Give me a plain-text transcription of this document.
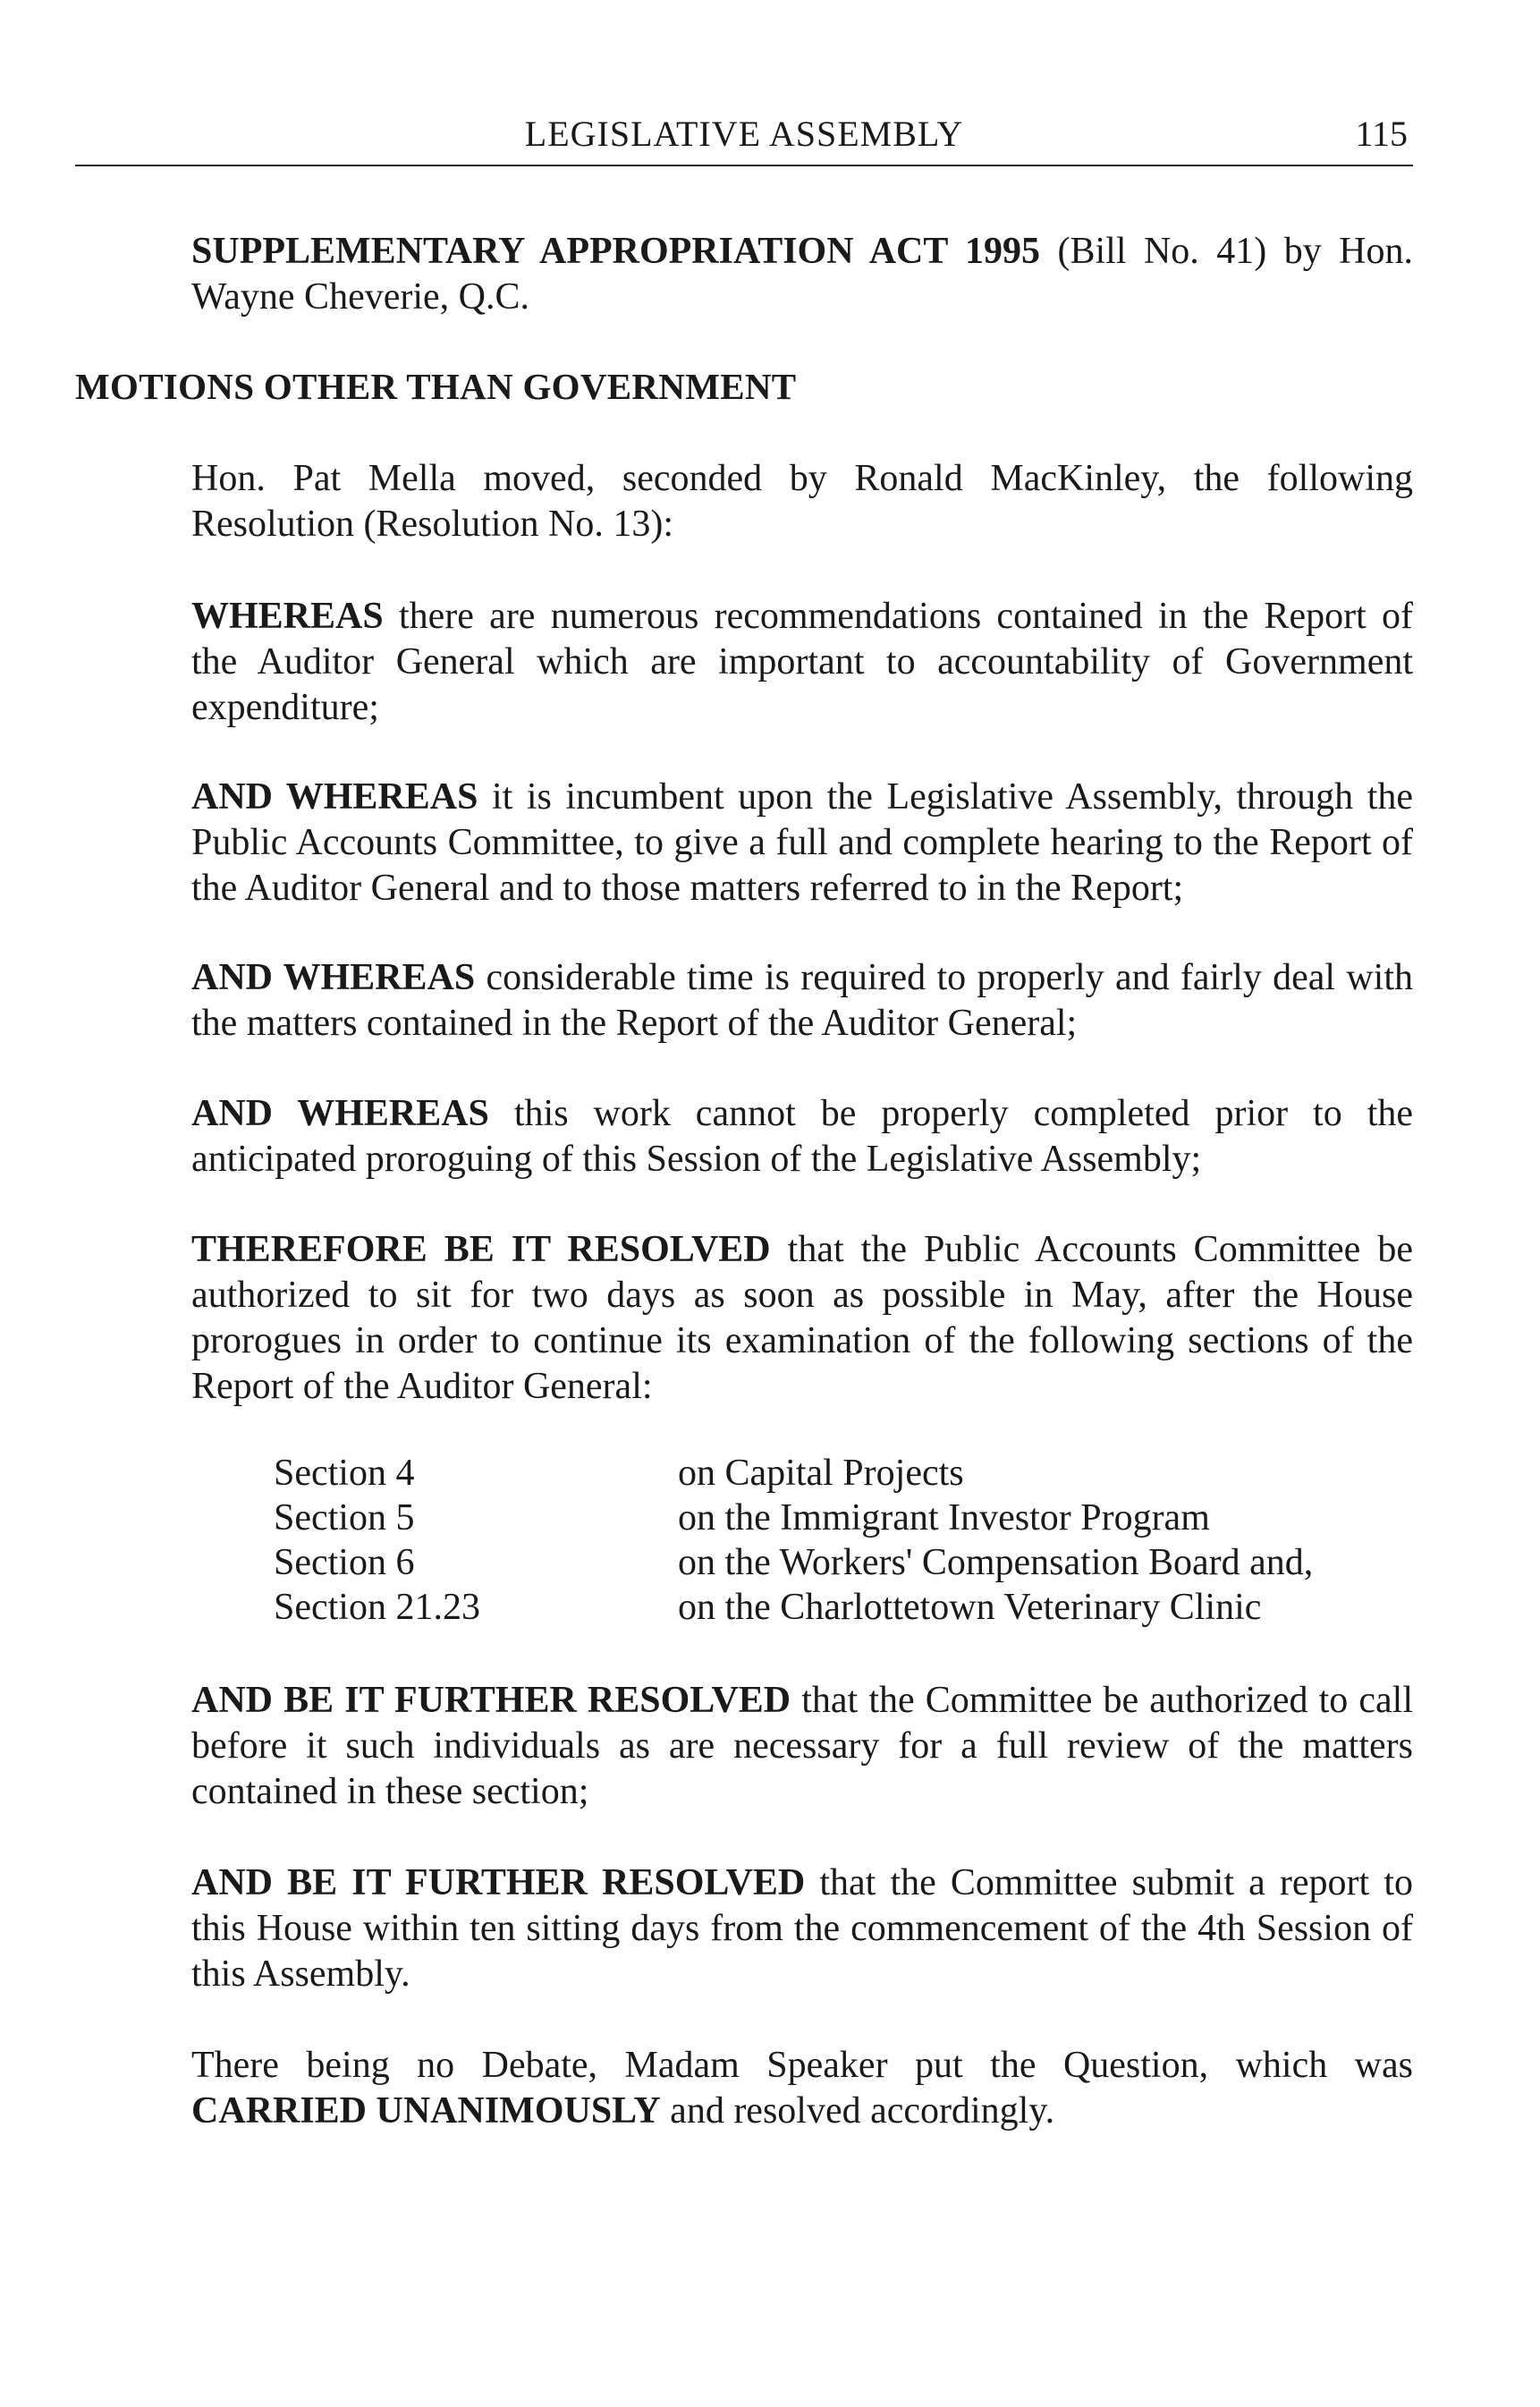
LEGISLATIVE ASSEMBLY	115

SUPPLEMENTARY APPROPRIATION ACT 1995 (Bill No. 41) by Hon. Wayne Cheverie, Q.C.

MOTIONS OTHER THAN GOVERNMENT

Hon. Pat Mella moved, seconded by Ronald MacKinley, the following Resolution (Resolution No. 13):

WHEREAS there are numerous recommendations contained in the Report of the Auditor General which are important to accountability of Government expenditure;

AND WHEREAS it is incumbent upon the Legislative Assembly, through the Public Accounts Committee, to give a full and complete hearing to the Report of the Auditor General and to those matters referred to in the Report;

AND WHEREAS considerable time is required to properly and fairly deal with the matters contained in the Report of the Auditor General;

AND WHEREAS this work cannot be properly completed prior to the anticipated proroguing of this Session of the Legislative Assembly;

THEREFORE BE IT RESOLVED that the Public Accounts Committee be authorized to sit for two days as soon as possible in May, after the House prorogues in order to continue its examination of the following sections of the Report of the Auditor General:

Section 4	on Capital Projects
Section 5	on the Immigrant Investor Program
Section 6	on the Workers' Compensation Board and,
Section 21.23	on the Charlottetown Veterinary Clinic

AND BE IT FURTHER RESOLVED that the Committee be authorized to call before it such individuals as are necessary for a full review of the matters contained in these section;

AND BE IT FURTHER RESOLVED that the Committee submit a report to this House within ten sitting days from the commencement of the 4th Session of this Assembly.

There being no Debate, Madam Speaker put the Question, which was CARRIED UNANIMOUSLY and resolved accordingly.
